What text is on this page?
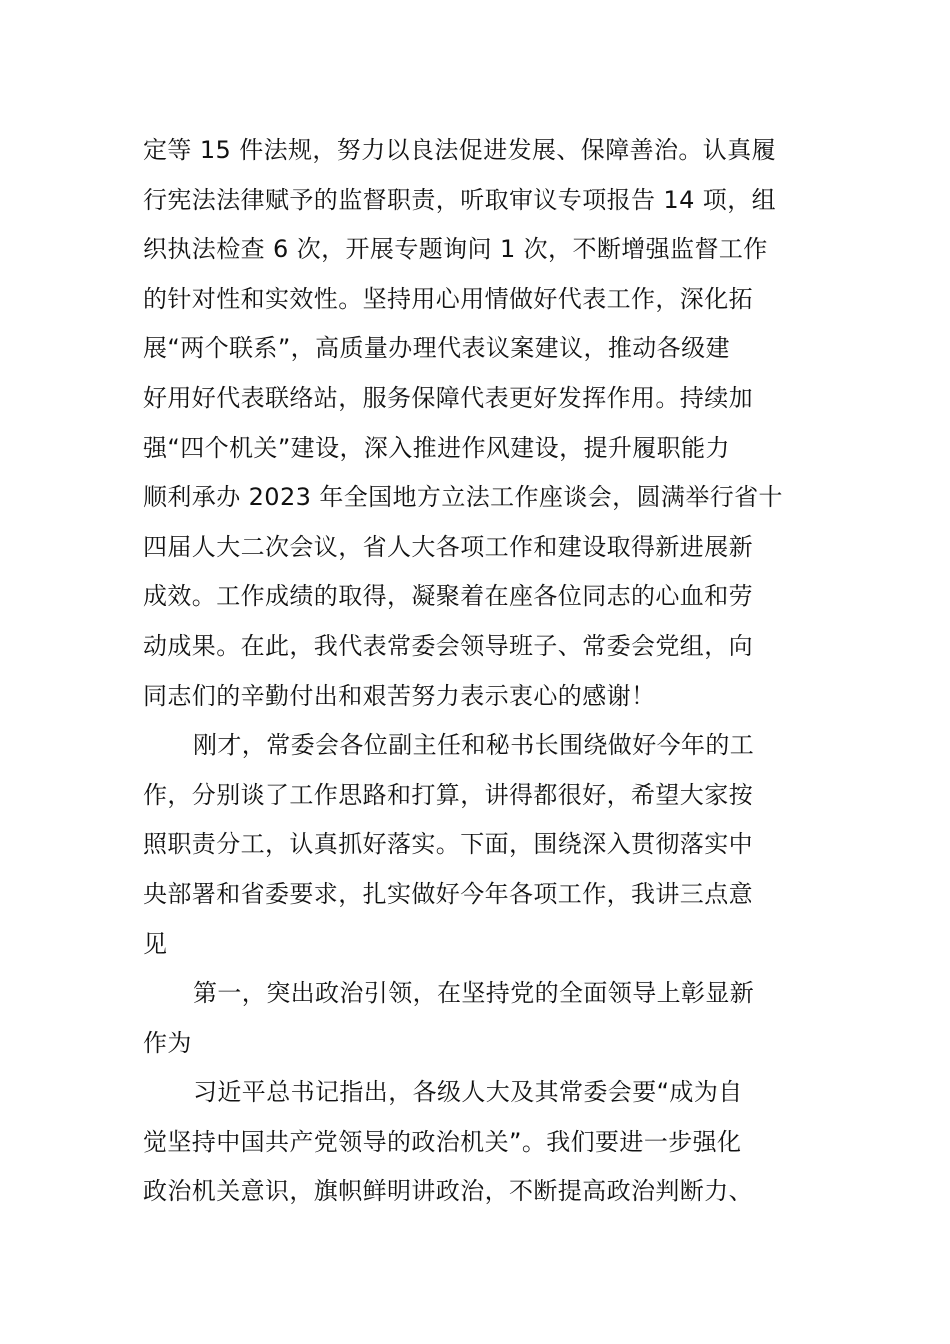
定等 15 件法规，努力以良法促进发展、保障善治。认真履
行宪法法律赋予的监督职责，听取审议专项报告 14 项，组
织执法检查 6 次，开展专题询问 1 次，不断增强监督工作
的针对性和实效性。坚持用心用情做好代表工作，深化拓
展“两个联系”，高质量办理代表议案建议，推动各级建
好用好代表联络站，服务保障代表更好发挥作用。持续加
强“四个机关”建设，深入推进作风建设，提升履职能力
顺利承办 2023 年全国地方立法工作座谈会，圆满举行省十
四届人大二次会议，省人大各项工作和建设取得新进展新
成效。工作成绩的取得，凝聚着在座各位同志的心血和劳
动成果。在此，我代表常委会领导班子、常委会党组，向
同志们的辛勤付出和艰苦努力表示衷心的感谢！
刚才，常委会各位副主任和秘书长围绕做好今年的工
作，分别谈了工作思路和打算，讲得都很好，希望大家按
照职责分工，认真抓好落实。下面，围绕深入贯彻落实中
央部署和省委要求，扎实做好今年各项工作，我讲三点意
见
第一，突出政治引领，在坚持党的全面领导上彰显新
作为
习近平总书记指出，各级人大及其常委会要“成为自
觉坚持中国共产党领导的政治机关”。我们要进一步强化
政治机关意识，旗帜鲜明讲政治，不断提高政治判断力、
